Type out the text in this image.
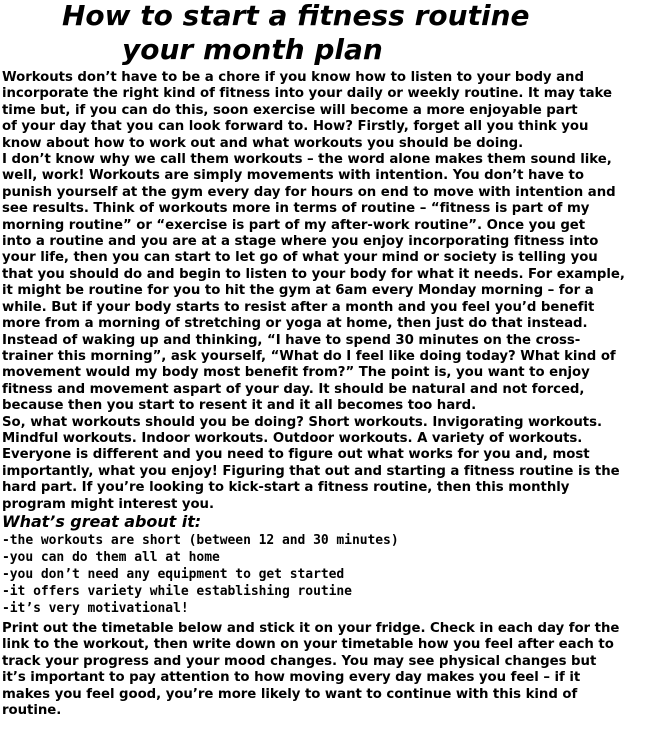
How to start a fitness routine
your month plan

Workouts don’t have to be a chore if you know how to listen to your body and
incorporate the right kind of fitness into your daily or weekly routine. It may take
time but, if you can do this, soon exercise will become a more enjoyable part
of your day that you can look forward to. How? Firstly, forget all you think you
know about how to work out and what workouts you should be doing.

I don’t know why we call them workouts – the word alone makes them sound like,
well, work! Workouts are simply movements with intention. You don’t have to
punish yourself at the gym every day for hours on end to move with intention and
see results. Think of workouts more in terms of routine – “fitness is part of my
morning routine” or “exercise is part of my after-work routine”. Once you get
into a routine and you are at a stage where you enjoy incorporating fitness into
your life, then you can start to let go of what your mind or society is telling you
that you should do and begin to listen to your body for what it needs. For example,
it might be routine for you to hit the gym at 6am every Monday morning – for a
while. But if your body starts to resist after a month and you feel you’d benefit
more from a morning of stretching or yoga at home, then just do that instead.
Instead of waking up and thinking, “I have to spend 30 minutes on the cross-
trainer this morning”, ask yourself, “What do I feel like doing today? What kind of
movement would my body most benefit from?” The point is, you want to enjoy
fitness and movement aspart of your day. It should be natural and not forced,
because then you start to resent it and it all becomes too hard.

So, what workouts should you be doing? Short workouts. Invigorating workouts.
Mindful workouts. Indoor workouts. Outdoor workouts. A variety of workouts.
Everyone is different and you need to figure out what works for you and, most
importantly, what you enjoy! Figuring that out and starting a fitness routine is the
hard part. If you’re looking to kick-start a fitness routine, then this monthly
program might interest you.

What’s great about it:
-the workouts are short (between 12 and 30 minutes)
-you can do them all at home
-you don’t need any equipment to get started
-it offers variety while establishing routine
-it’s very motivational!

Print out the timetable below and stick it on your fridge. Check in each day for the
link to the workout, then write down on your timetable how you feel after each to
track your progress and your mood changes. You may see physical changes but
it’s important to pay attention to how moving every day makes you feel – if it
makes you feel good, you’re more likely to want to continue with this kind of
routine.
